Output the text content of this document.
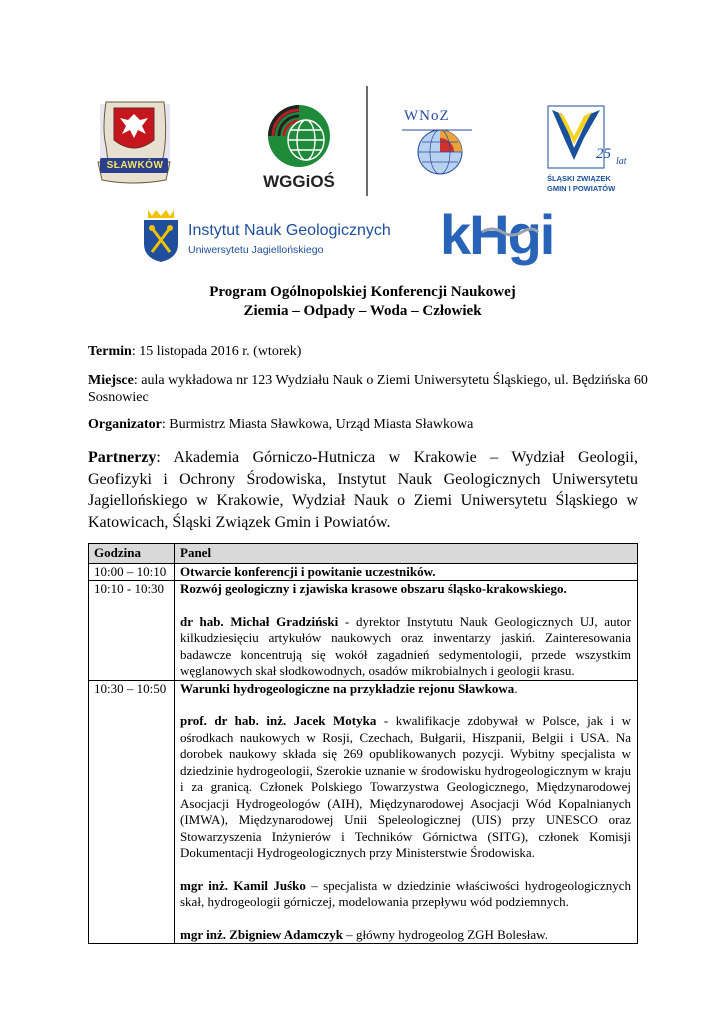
SŁAWKÓW
WGGiOŚ
WNoZ
25 lat
ŚLĄSKI ZWIĄZEK
GMIN I POWIATÓW
Instytut Nauk Geologicznych
Uniwersytetu Jagiellońskiego kHgi
Program Ogólnopolskiej Konferencji Naukowej
Ziemia – Odpady – Woda – Człowiek
Termin: 15 listopada 2016 r. (wtorek)
Miejsce: aula wykładowa nr 123 Wydziału Nauk o Ziemi Uniwersytetu Śląskiego, ul. Będzińska 60
Sosnowiec
Organizator: Burmistrz Miasta Sławkowa, Urząd Miasta Sławkowa
Partnerzy: Akademia Górniczo-Hutnicza w Krakowie – Wydział Geologii, Geofizyki i Ochrony Środowiska, Instytut Nauk Geologicznych Uniwersytetu Jagiellońskiego w Krakowie, Wydział Nauk o Ziemi Uniwersytetu Śląskiego w Katowicach, Śląski Związek Gmin i Powiatów.
Godzina	Panel
10:00 – 10:10	Otwarcie konferencji i powitanie uczestników.

10:10 - 10:30	Rozwój geologiczny i zjawiska krasowe obszaru śląsko-krakowskiego.
dr hab. Michał Gradziński - dyrektor Instytutu Nauk Geologicznych UJ, autor kilkudziesięciu artykułów naukowych oraz inwentarzy jaskiń. Zainteresowania badawcze koncentrują się wokół zagadnień sedymentologii, przede wszystkim węglanowych skał słodkowodnych, osadów mikrobialnych i geologii krasu.

10:30 – 10:50	Warunki hydrogeologiczne na przykładzie rejonu Sławkowa.
prof. dr hab. inż. Jacek Motyka - kwalifikacje zdobywał w Polsce, jak i w ośrodkach naukowych w Rosji, Czechach, Bułgarii, Hiszpanii, Belgii i USA. Na dorobek naukowy składa się 269 opublikowanych pozycji. Wybitny specjalista w dziedzinie hydrogeologii, Szerokie uznanie w środowisku hydrogeologicznym w kraju i za granicą. Członek Polskiego Towarzystwa Geologicznego, Międzynarodowej Asocjacji Hydrogeologów (AIH), Międzynarodowej Asocjacji Wód Kopalnianych (IMWA), Międzynarodowej Unii Speleologicznej (UIS) przy UNESCO oraz Stowarzyszenia Inżynierów i Techników Górnictwa (SITG), członek Komisji Dokumentacji Hydrogeologicznych przy Ministerstwie Środowiska.
mgr inż. Kamil Juśko – specjalista w dziedzinie właściwości hydrogeologicznych skał, hydrogeologii górniczej, modelowania przepływu wód podziemnych.
mgr inż. Zbigniew Adamczyk – główny hydrogeolog ZGH Bolesław.
